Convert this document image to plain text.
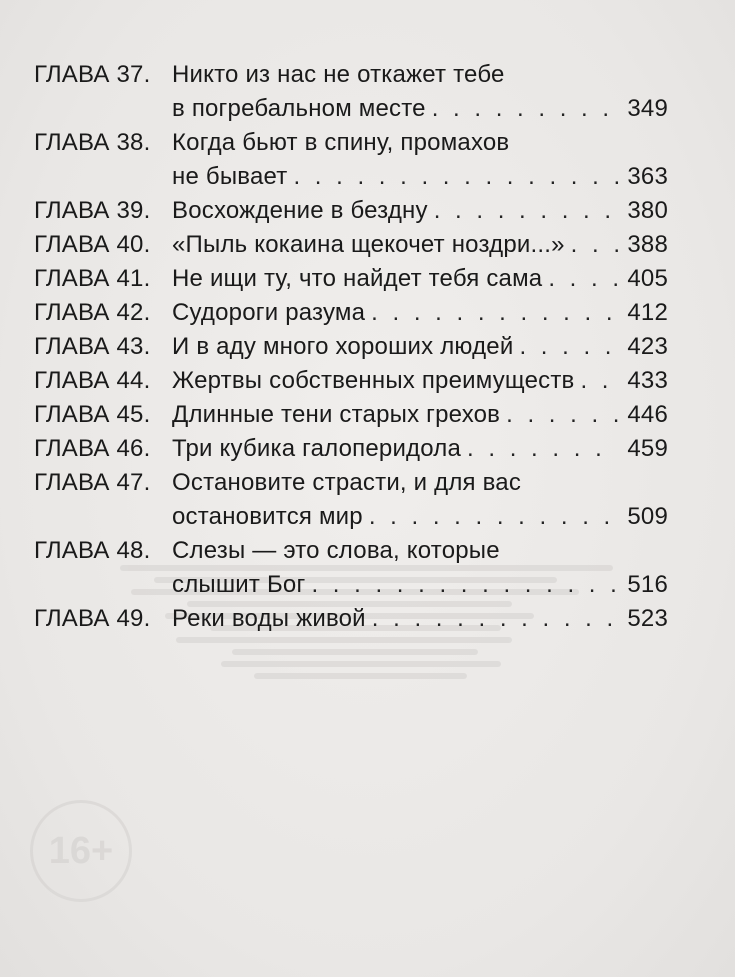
16+
ГЛАВА 37. Никто из нас не откажет тебе
в погребальном месте . . .	349
ГЛАВА 38. Когда бьют в спину, промахов
не бывает . . .	363
ГЛАВА 39. Восхождение в бездну . . .	380
ГЛАВА 40. «Пыль кокаина щекочет ноздри...» . . .	388
ГЛАВА 41. Не ищи ту, что найдет тебя сама . . .	405
ГЛАВА 42. Судороги разума . . .	412
ГЛАВА 43. И в аду много хороших людей . . .	423
ГЛАВА 44. Жертвы собственных преимуществ . . . 433
ГЛАВА 45. Длинные тени старых грехов . . .	446
ГЛАВА 46. Три кубика галоперидола . . .	459
ГЛАВА 47. Остановите страсти, и для вас
остановится мир . . .	509
ГЛАВА 48. Слезы — это слова, которые
слышит Бог . . .	516
ГЛАВА 49. Реки воды живой . . .	523
